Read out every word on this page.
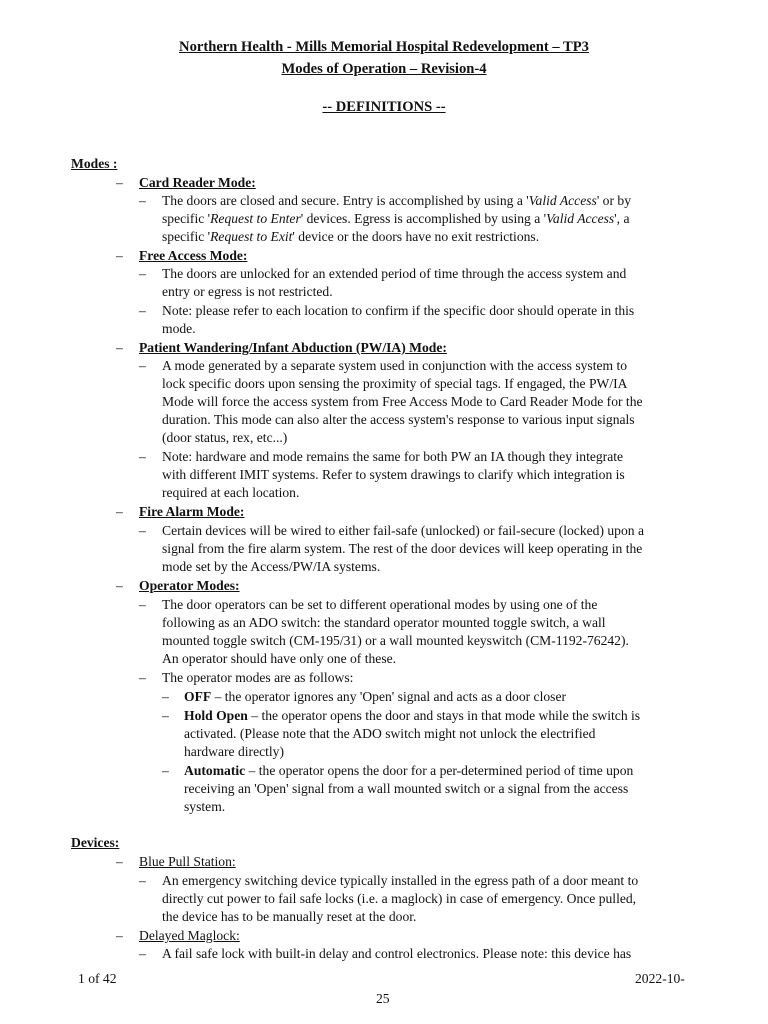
Northern Health - Mills Memorial Hospital Redevelopment – TP3
Modes of Operation – Revision-4
-- DEFINITIONS --
Modes :
– Card Reader Mode:
– The doors are closed and secure. Entry is accomplished by using a 'Valid Access' or by
specific 'Request to Enter' devices. Egress is accomplished by using a 'Valid Access', a
specific 'Request to Exit' device or the doors have no exit restrictions.
– Free Access Mode:
– The doors are unlocked for an extended period of time through the access system and
entry or egress is not restricted.
– Note: please refer to each location to confirm if the specific door should operate in this
mode.
– Patient Wandering/Infant Abduction (PW/IA) Mode:
– A mode generated by a separate system used in conjunction with the access system to
lock specific doors upon sensing the proximity of special tags. If engaged, the PW/IA
Mode will force the access system from Free Access Mode to Card Reader Mode for the
duration. This mode can also alter the access system's response to various input signals
(door status, rex, etc...)
– Note: hardware and mode remains the same for both PW an IA though they integrate
with different IMIT systems. Refer to system drawings to clarify which integration is
required at each location.
– Fire Alarm Mode:
– Certain devices will be wired to either fail-safe (unlocked) or fail-secure (locked) upon a
signal from the fire alarm system. The rest of the door devices will keep operating in the
mode set by the Access/PW/IA systems.
– Operator Modes:
– The door operators can be set to different operational modes by using one of the
following as an ADO switch: the standard operator mounted toggle switch, a wall
mounted toggle switch (CM-195/31) or a wall mounted keyswitch (CM-1192-76242).
An operator should have only one of these.
– The operator modes are as follows:
– OFF – the operator ignores any 'Open' signal and acts as a door closer
– Hold Open – the operator opens the door and stays in that mode while the switch is
activated. (Please note that the ADO switch might not unlock the electrified
hardware directly)
– Automatic – the operator opens the door for a per-determined period of time upon
receiving an 'Open' signal from a wall mounted switch or a signal from the access
system.
Devices:
– Blue Pull Station:
– An emergency switching device typically installed in the egress path of a door meant to
directly cut power to fail safe locks (i.e. a maglock) in case of emergency. Once pulled,
the device has to be manually reset at the door.
– Delayed Maglock:
– A fail safe lock with built-in delay and control electronics. Please note: this device has
1 of 42	2022-10-
25
